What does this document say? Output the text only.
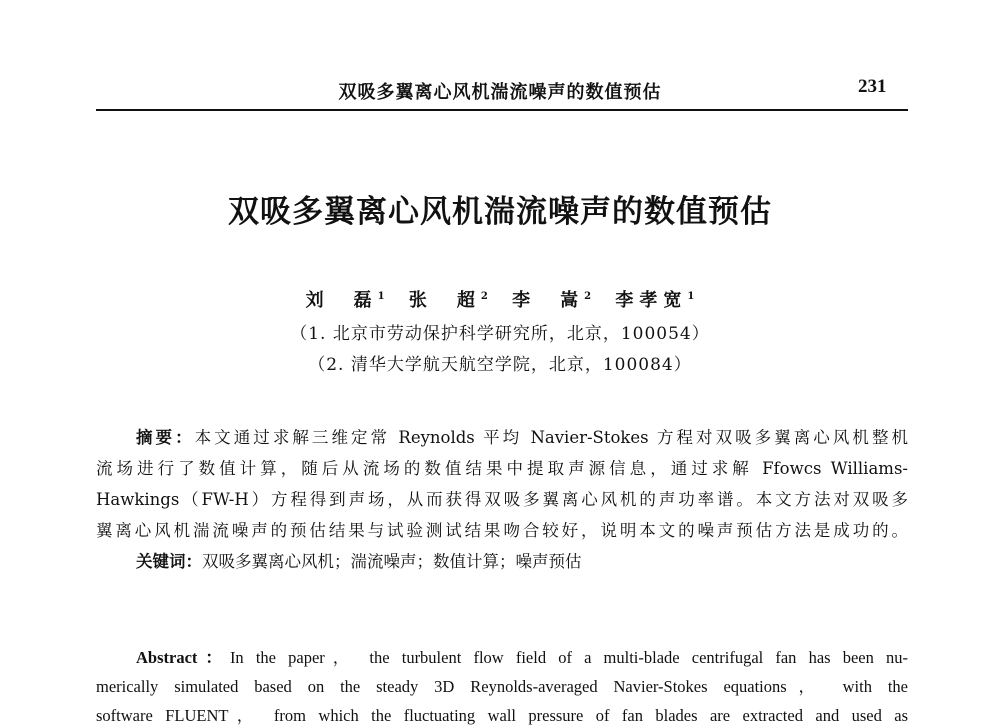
双吸多翼离心风机湍流噪声的数值预估	231
双吸多翼离心风机湍流噪声的数值预估
刘　磊$^1$ 张　超$^2$ 李　嵩$^2$ 李孝宽$^1$
（1. 北京市劳动保护科学研究所，北京，100054）
（2. 清华大学航天航空学院，北京，100084）
摘要：本文通过求解三维定常 Reynolds 平均 Navier-Stokes 方程对双吸多翼离心风机整机
流场进行了数值计算，随后从流场的数值结果中提取声源信息，通过求解 Ffowcs Williams-
Hawkings（FW-H）方程得到声场，从而获得双吸多翼离心风机的声功率谱。本文方法对双吸多
翼离心风机湍流噪声的预估结果与试验测试结果吻合较好，说明本文的噪声预估方法是成功的。
关键词：双吸多翼离心风机；湍流噪声；数值计算；噪声预估
Abstract：In the paper， the turbulent flow field of a multi-blade centrifugal fan has been nu-
merically simulated based on the steady 3D Reynolds-averaged Navier-Stokes equations， with the
software FLUENT， from which the fluctuating wall pressure of fan blades are extracted and used as
